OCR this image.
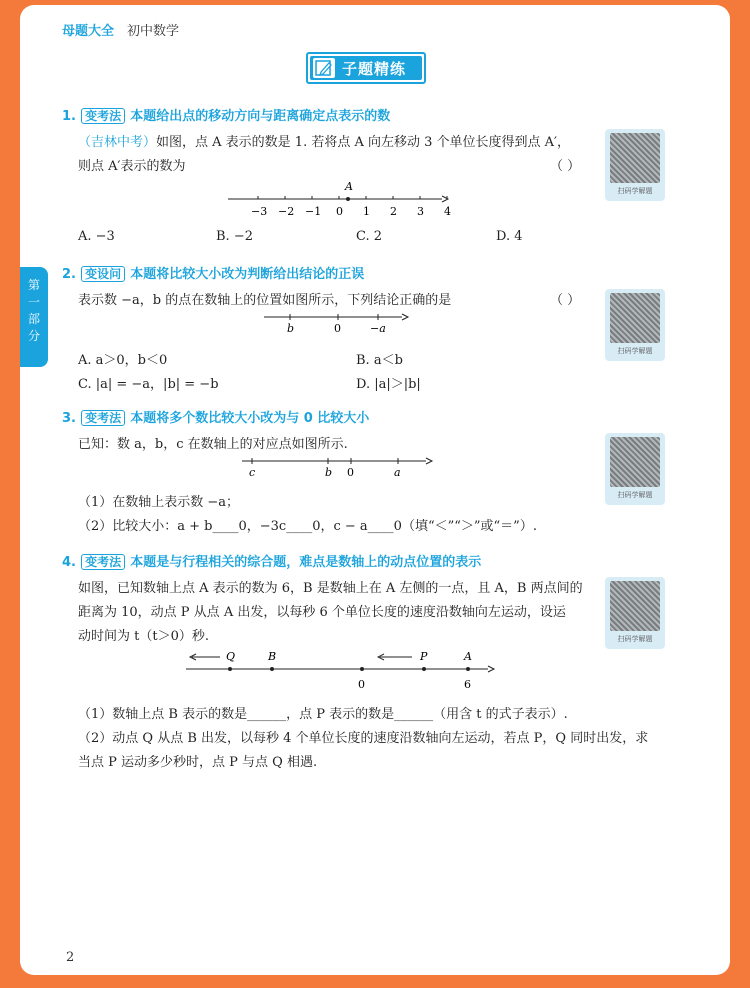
母题大全 初中数学
子题精练
第一部分
1. 变考法 本题给出点的移动方向与距离确定点表示的数
（吉林中考）如图，点 A 表示的数是 1. 若将点 A 向左移动 3 个单位长度得到点 A′，
则点 A′表示的数为	（ ）
−3 −2 −1 0 1 2 3 4
A
A. −3	B. −2	C. 2	D. 4
扫码学解题
2. 变设问 本题将比较大小改为判断给出结论的正误
表示数 −a，b 的点在数轴上的位置如图所示，下列结论正确的是	（ ）
b	0	−a
A. a＞0，b＜0	B. a＜b
C. |a| = −a，|b| = −b	D. |a|＞|b|
扫码学解题
3. 变考法 本题将多个数比较大小改为与 0 比较大小
已知：数 a，b，c 在数轴上的对应点如图所示.
c	b 0	a
（1）在数轴上表示数 −a；
（2）比较大小：a + b____0，−3c____0，c − a____0（填“＜”“＞”或“＝”）.
扫码学解题
4. 变考法 本题是与行程相关的综合题，难点是数轴上的动点位置的表示
如图，已知数轴上点 A 表示的数为 6，B 是数轴上在 A 左侧的一点，且 A，B 两点间的
距离为 10，动点 P 从点 A 出发，以每秒 6 个单位长度的速度沿数轴向左运动，设运
动时间为 t（t＞0）秒.
Q	B	P	A
0	6
（1）数轴上点 B 表示的数是______，点 P 表示的数是______（用含 t 的式子表示）.
（2）动点 Q 从点 B 出发，以每秒 4 个单位长度的速度沿数轴向左运动，若点 P，Q 同时出发，求
当点 P 运动多少秒时，点 P 与点 Q 相遇.
扫码学解题
2
